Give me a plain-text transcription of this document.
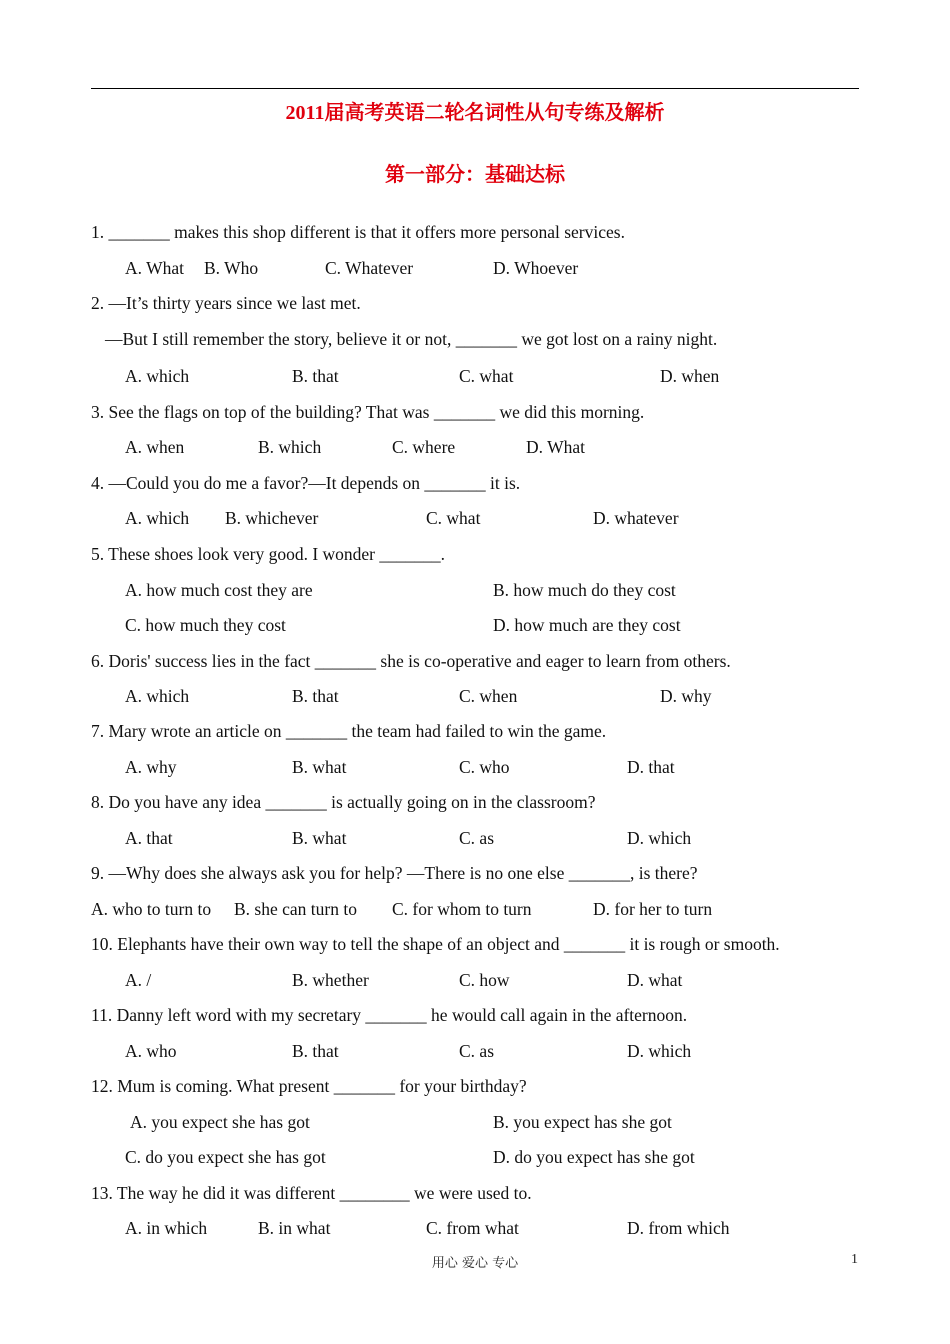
2011届高考英语二轮名词性从句专练及解析
第一部分：基础达标
1. _______ makes this shop different is that it offers more personal services.
A. What B. Who	C. Whatever	D. Whoever
2. —It’s thirty years since we last met.
—But I still remember the story, believe it or not, _______ we got lost on a rainy night.
A. which	B. that	C. what	D. when
3. See the flags on top of the building? That was _______ we did this morning.
A. when	B. which	C. where	D. What
4. —Could you do me a favor?—It depends on _______ it is.
A. which B. whichever	C. what	D. whatever
5. These shoes look very good. I wonder _______.
A. how much cost they are	B. how much do they cost
C. how much they cost	D. how much are they cost
6. Doris' success lies in the fact _______ she is co-operative and eager to learn from others.
A. which	B. that	C. when	D. why
7. Mary wrote an article on _______ the team had failed to win the game.
A. why	B. what	C. who	D. that
8. Do you have any idea _______ is actually going on in the classroom?
A. that	B. what	C. as	D. which
9. —Why does she always ask you for help? —There is no one else _______, is there?
A. who to turn to B. she can turn to C. for whom to turn	D. for her to turn
10. Elephants have their own way to tell the shape of an object and _______ it is rough or smooth.
A. /	B. whether	C. how	D. what
11. Danny left word with my secretary _______ he would call again in the afternoon.
A. who	B. that	C. as	D. which
12. Mum is coming. What present _______ for your birthday?
A. you expect she has got	B. you expect has she got
C. do you expect she has got	D. do you expect has she got
13. The way he did it was different ________ we were used to.
A. in which	B. in what	C. from what	D. from which
用心 爱心 专心	1
